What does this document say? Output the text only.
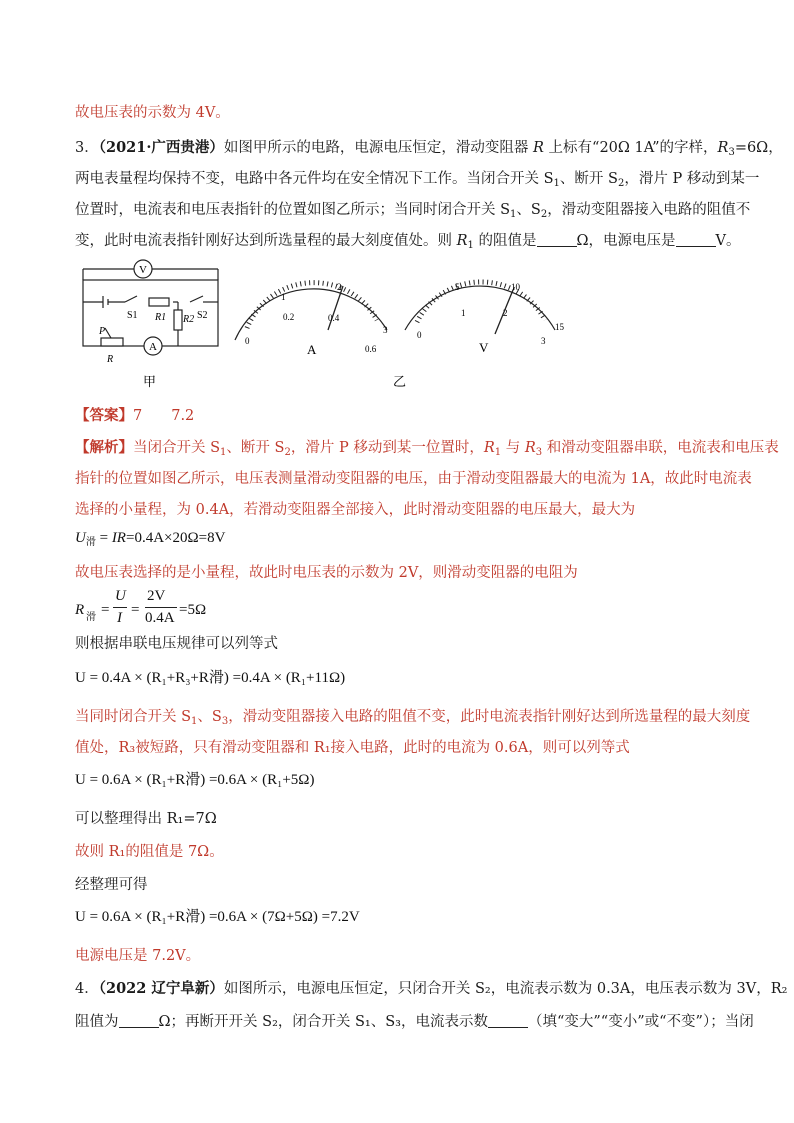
故电压表的示数为 4V。
3．（2021·广西贵港）如图甲所示的电路，电源电压恒定，滑动变阻器 R 上标有“20Ω 1A”的字样，$R_3=6\Omega$，
两电表量程均保持不变，电路中各元件均在安全情况下工作。当闭合开关 $S_1$、断开 $S_2$，滑片 P 移动到某一
位置时，电流表和电压表指针的位置如图乙所示；当同时闭合开关 $S_1$、$S_2$，滑动变阻器接入电路的阻值不
变，此时电流表指针刚好达到所选量程的最大刻度值处。则 $R_1$ 的阻值是	Ω，电源电压是	V。
V
A
S1 R1 R2 S2
P
R
甲
1
2
3
0
0.2	0.4
0.6
A
5	10
15
0
1	2
3
V
乙
【答案】7　　7.2
【解析】当闭合开关 $S_1$、断开 $S_2$，滑片 P 移动到某一位置时，$R_1$ 与 $R_3$ 和滑动变阻器串联，电流表和电压表
指针的位置如图乙所示，电压表测量滑动变阻器的电压，由于滑动变阻器最大的电流为 1A，故此时电流表
选择的小量程，为 0.4A，若滑动变阻器全部接入，此时滑动变阻器的电压最大，最大为
$U_滑 = IR=0.4A\times 20\Omega=8V$
故电压表选择的是小量程，故此时电压表的示数为 2V，则滑动变阻器的电阻为
R 滑 =
U
I =
2V
0.4A =5Ω
则根据串联电压规律可以列等式
U = 0.4A × (R₁+R₃+R滑) =0.4A × (R₁+11Ω)
当同时闭合开关 $S_1$、$S_3$，滑动变阻器接入电路的阻值不变，此时电流表指针刚好达到所选量程的最大刻度
值处，R₃被短路，只有滑动变阻器和 R₁接入电路，此时的电流为 0.6A，则可以列等式
U = 0.6A × (R₁+R滑) =0.6A × (R₁+5Ω)
可以整理得出 R₁=7Ω
故则 R₁的阻值是 7Ω。
经整理可得
U = 0.6A × (R₁+R滑) =0.6A × (7Ω+5Ω) =7.2V
电源电压是 7.2V。
4．（2022 辽宁阜新）如图所示，电源电压恒定，只闭合开关 S₂，电流表示数为 0.3A，电压表示数为 3V，R₂
阻值为	Ω；再断开开关 S₂，闭合开关 S₁、S₃，电流表示数	（填“变大”“变小”或“不变”）；当闭
